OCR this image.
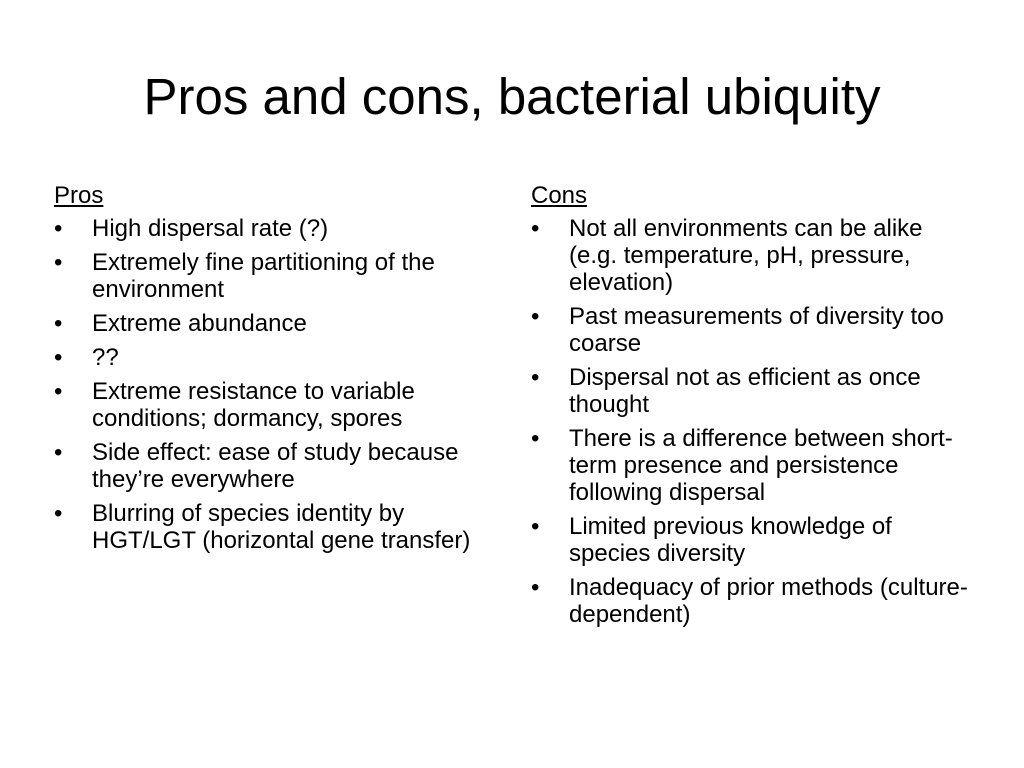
Pros and cons, bacterial ubiquity
Pros
• High dispersal rate (?)
• Extremely fine partitioning of the environment
• Extreme abundance
• ??
• Extreme resistance to variable conditions; dormancy, spores
• Side effect: ease of study because they’re everywhere
• Blurring of species identity by HGT/LGT (horizontal gene transfer)
Cons
• Not all environments can be alike (e.g. temperature, pH, pressure, elevation)
• Past measurements of diversity too coarse
• Dispersal not as efficient as once thought
• There is a difference between short-term presence and persistence following dispersal
• Limited previous knowledge of species diversity
• Inadequacy of prior methods (culture-dependent)
